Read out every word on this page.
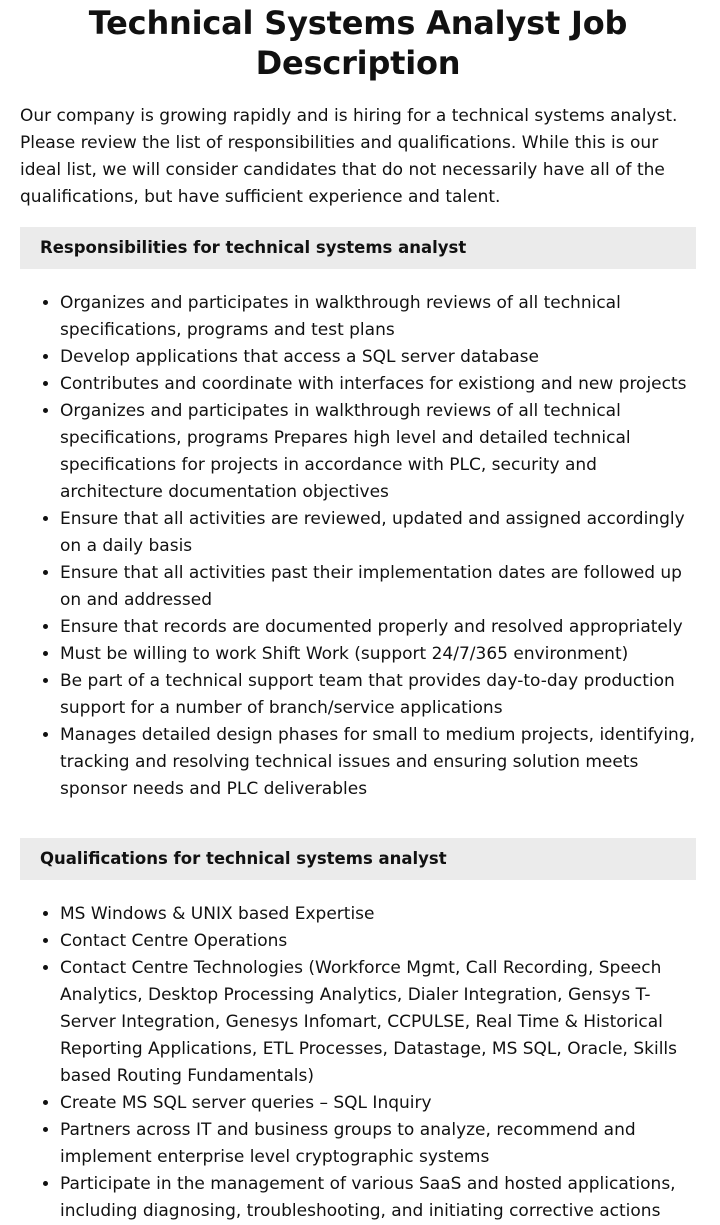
Technical Systems Analyst Job Description

Our company is growing rapidly and is hiring for a technical systems analyst. Please review the list of responsibilities and qualifications. While this is our ideal list, we will consider candidates that do not necessarily have all of the qualifications, but have sufficient experience and talent.

Responsibilities for technical systems analyst
• Organizes and participates in walkthrough reviews of all technical specifications, programs and test plans
• Develop applications that access a SQL server database
• Contributes and coordinate with interfaces for existiong and new projects
• Organizes and participates in walkthrough reviews of all technical specifications, programs Prepares high level and detailed technical specifications for projects in accordance with PLC, security and architecture documentation objectives
• Ensure that all activities are reviewed, updated and assigned accordingly on a daily basis
• Ensure that all activities past their implementation dates are followed up on and addressed
• Ensure that records are documented properly and resolved appropriately
• Must be willing to work Shift Work (support 24/7/365 environment)
• Be part of a technical support team that provides day-to-day production support for a number of branch/service applications
• Manages detailed design phases for small to medium projects, identifying, tracking and resolving technical issues and ensuring solution meets sponsor needs and PLC deliverables
Qualifications for technical systems analyst
• MS Windows & UNIX based Expertise
• Contact Centre Operations
• Contact Centre Technologies (Workforce Mgmt, Call Recording, Speech Analytics, Desktop Processing Analytics, Dialer Integration, Gensys T-Server Integration, Genesys Infomart, CCPULSE, Real Time & Historical Reporting Applications, ETL Processes, Datastage, MS SQL, Oracle, Skills based Routing Fundamentals)
• Create MS SQL server queries – SQL Inquiry
• Partners across IT and business groups to analyze, recommend and implement enterprise level cryptographic systems
• Participate in the management of various SaaS and hosted applications, including diagnosing, troubleshooting, and initiating corrective actions
